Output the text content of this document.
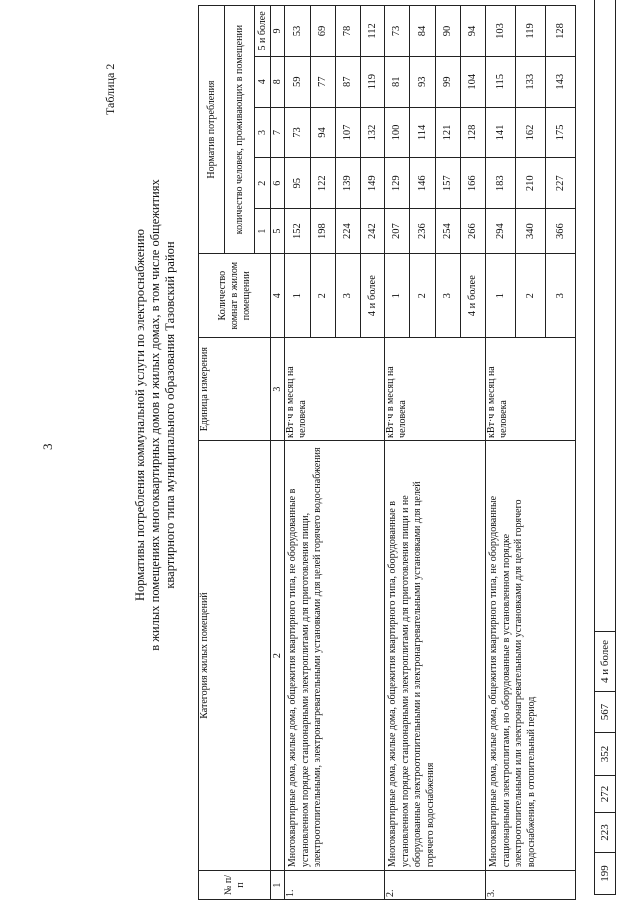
199	223	272	352	567	4 и более	
3
Таблица 2
Нормативы потребления коммунальной услуги по электроснабжению в жилых помещениях многоквартирных домов и жилых домах, в том числе общежитиях квартирного типа муниципального образования Тазовский район
№ п/п	Категория жилых помещений	Единица измерения	Количество комнат в жилом помещении	Норматив потребления				
				количество человек, проживающих в помещении				
				1	2	3	4	5 и более
1	2	3	4	5	6	7	8	9
1.	Многоквартирные дома, жилые дома, общежития квартирного типа, не оборудованные в установленном порядке стационарными электроплитами для приготовления пищи, электроотопительными, электронагревательными установками для целей горячего водоснабжения	кВт·ч в месяц на человека	1	152	95	73	59	53
			2	198	122	94	77	69
			3	224	139	107	87	78
			4 и более	242	149	132	119	112
2.	Многоквартирные дома, жилые дома, общежития квартирного типа, оборудованные в установленном порядке стационарными электроплитами для приготовления пищи и не оборудованные электроотопительными и электронагревательными установками для целей горячего водоснабжения	кВт·ч в месяц на человека	1	207	129	100	81	73
			2	236	146	114	93	84
			3	254	157	121	99	90
			4 и более	266	166	128	104	94
3.	Многоквартирные дома, жилые дома, общежития квартирного типа, не оборудованные стационарными электроплитами, но оборудованные в установленном порядке электроотопительными или электронагревательными установками для целей горячего водоснабжения, в отопительный период	кВт·ч в месяц на человека	1	294	183	141	115	103
			2	340	210	162	133	119
			3	366	227	175	143	128
